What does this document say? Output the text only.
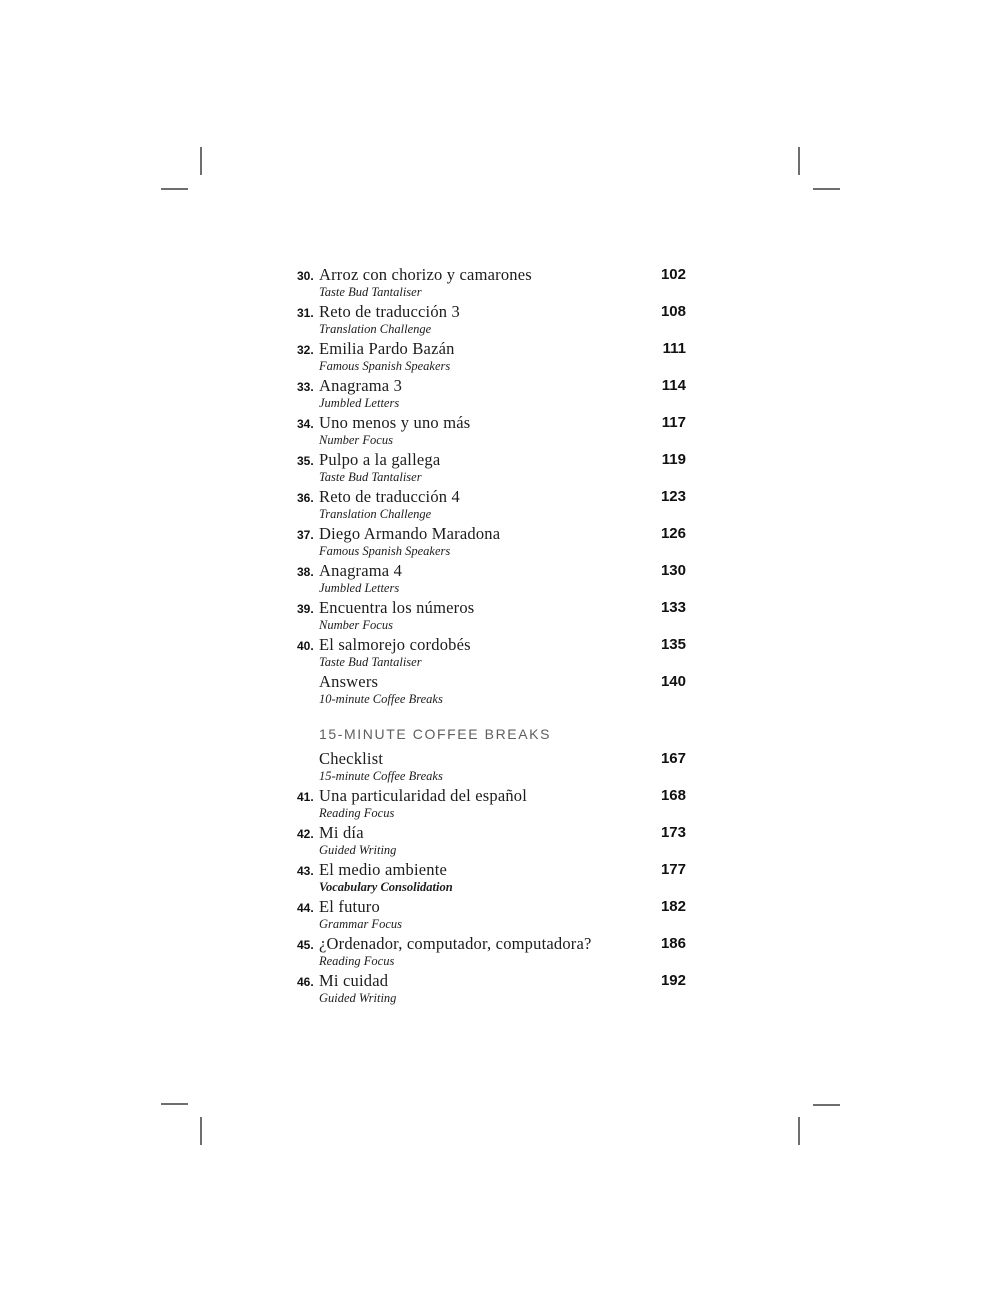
30. Arroz con chorizo y camarones	102
Taste Bud Tantaliser
31. Reto de traducción 3	108
Translation Challenge
32. Emilia Pardo Bazán	111
Famous Spanish Speakers
33. Anagrama 3	114
Jumbled Letters
34. Uno menos y uno más	117
Number Focus
35. Pulpo a la gallega	119
Taste Bud Tantaliser
36. Reto de traducción 4	123
Translation Challenge
37. Diego Armando Maradona	126
Famous Spanish Speakers
38. Anagrama 4	130
Jumbled Letters
39. Encuentra los números	133
Number Focus
40. El salmorejo cordobés	135
Taste Bud Tantaliser
Answers	140
10-minute Coffee Breaks
15-MINUTE COFFEE BREAKS
Checklist	167
15-minute Coffee Breaks
41. Una particularidad del español	168
Reading Focus
42. Mi día	173
Guided Writing
43. El medio ambiente	177
Vocabulary Consolidation
44. El futuro	182
Grammar Focus
45. ¿Ordenador, computador, computadora?	186
Reading Focus
46. Mi cuidad	192
Guided Writing
